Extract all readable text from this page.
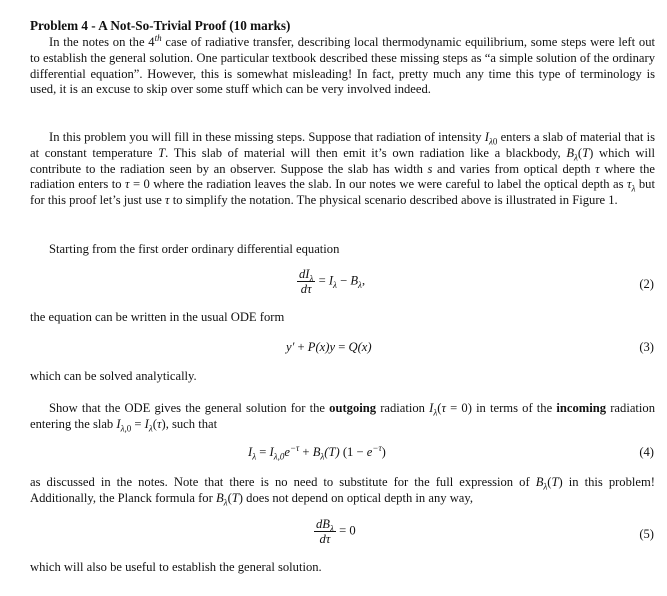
Problem 4 - A Not-So-Trivial Proof (10 marks)
In the notes on the 4th case of radiative transfer, describing local thermodynamic equilibrium, some steps were left out to establish the general solution. One particular textbook described these missing steps as “a simple solution of the ordinary differential equation”. However, this is somewhat misleading! In fact, pretty much any time this type of terminology is used, it is an excuse to skip over some stuff which can be very involved indeed.
In this problem you will fill in these missing steps. Suppose that radiation of intensity $I_{\lambda 0}$ enters a slab of material that is at constant temperature T. This slab of material will then emit it’s own radiation like a blackbody, $B_\lambda(T)$ which will contribute to the radiation seen by an observer. Suppose the slab has width s and varies from optical depth τ where the radiation enters to τ = 0 where the radiation leaves the slab. In our notes we were careful to label the optical depth as $\tau_\lambda$ but for this proof let’s just use τ to simplify the notation. The physical scenario described above is illustrated in Figure 1.
Starting from the first order ordinary differential equation
$\frac{dI_\lambda}{d\tau} = I_\lambda - B_\lambda$,	(2)
the equation can be written in the usual ODE form
y′ + P(x)y = Q(x)	(3)
which can be solved analytically.
Show that the ODE gives the general solution for the outgoing radiation $I_\lambda(\tau = 0)$ in terms of the incoming radiation entering the slab $I_{\lambda,0} = I_\lambda(\tau)$, such that
$I_\lambda = I_{\lambda,0}e^{-\tau} + B_\lambda(T) (1 - e^{-\tau})$	(4)
as discussed in the notes. Note that there is no need to substitute for the full expression of $B_\lambda(T)$ in this problem! Additionally, the Planck formula for $B_\lambda(T)$ does not depend on optical depth in any way,
$\frac{dB_\lambda}{d\tau} = 0$	(5)
which will also be useful to establish the general solution.
